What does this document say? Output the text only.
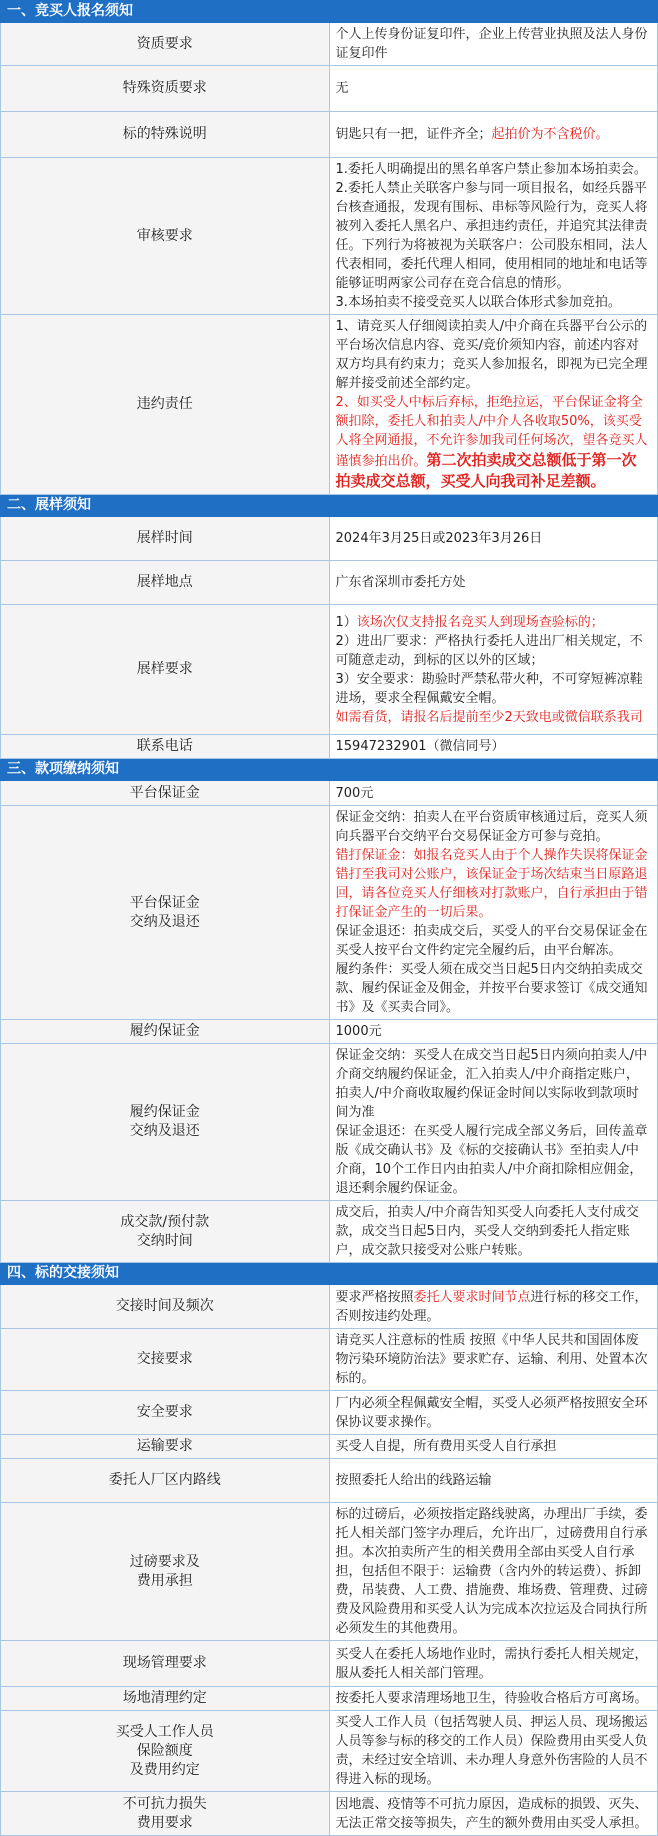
一、竞买人报名须知	
资质要求	个人上传身份证复印件，企业上传营业执照及法人身份证复印件
特殊资质要求	无
标的特殊说明	钥匙只有一把，证件齐全；起拍价为不含税价。
审核要求	1.委托人明确提出的黑名单客户禁止参加本场拍卖会。
2.委托人禁止关联客户参与同一项目报名，如经兵器平台核查通报，发现有围标、串标等风险行为，竞买人将被列入委托人黑名户、承担违约责任，并追究其法律责任。下列行为将被视为关联客户：公司股东相同，法人代表相同，委托代理人相同，使用相同的地址和电话等能够证明两家公司存在竞合信息的情形。
3.本场拍卖不接受竞买人以联合体形式参加竞拍。

违约责任	1、请竞买人仔细阅读拍卖人/中介商在兵器平台公示的平台场次信息内容、竞买/竞价须知内容，前述内容对双方均具有约束力；竞买人参加报名，即视为已完全理解并接受前述全部约定。
2、如买受人中标后弃标，拒绝拉运，平台保证金将全额扣除，委托人和拍卖人/中介人各收取50%，该买受人将全网通报，不允许参加我司任何场次，望各竞买人谨慎参拍出价。第二次拍卖成交总额低于第一次拍卖成交总额，买受人向我司补足差额。
二、展样须知	
展样时间	2024年3月25日或2023年3月26日
展样地点	广东省深圳市委托方处
展样要求	1）该场次仅支持报名竞买人到现场查验标的；
2）进出厂要求：严格执行委托人进出厂相关规定，不可随意走动，到标的区以外的区域；
3）安全要求：勘验时严禁私带火种，不可穿短裤凉鞋进场，要求全程佩戴安全帽。
如需看货，请报名后提前至少2天致电或微信联系我司

联系电话	15947232901（微信同号）
三、款项缴纳须知	
平台保证金	700元

平台保证金
交纳及退还	保证金交纳：拍卖人在平台资质审核通过后，竞买人须向兵器平台交纳平台交易保证金方可参与竞拍。
错打保证金：如报名竞买人由于个人操作失误将保证金错打至我司对公账户，该保证金于场次结束当日原路退回，请各位竞买人仔细核对打款账户，自行承担由于错打保证金产生的一切后果。
保证金退还：拍卖成交后，买受人的平台交易保证金在买受人按平台文件约定完全履约后，由平台解冻。
履约条件：买受人须在成交当日起5日内交纳拍卖成交款、履约保证金及佣金，并按平台要求签订《成交通知书》及《买卖合同》。

履约保证金	1000元

履约保证金
交纳及退还	保证金交纳：买受人在成交当日起5日内须向拍卖人/中介商交纳履约保证金，汇入拍卖人/中介商指定账户，拍卖人/中介商收取履约保证金时间以实际收到款项时间为准
保证金退还：在买受人履行完成全部义务后，回传盖章版《成交确认书》及《标的交接确认书》至拍卖人/中介商，10个工作日内由拍卖人/中介商扣除相应佣金，退还剩余履约保证金。

成交款/预付款
交纳时间	成交后，拍卖人/中介商告知买受人向委托人支付成交款，成交当日起5日内，买受人交纳到委托人指定账户，成交款只接受对公账户转账。
四、标的交接须知	
交接时间及频次	要求严格按照委托人要求时间节点进行标的移交工作，否则按违约处理。
交接要求	请竞买人注意标的性质 按照《中华人民共和国固体废物污染环境防治法》要求贮存、运输、利用、处置本次标的。
安全要求	厂内必须全程佩戴安全帽，买受人必须严格按照安全环保协议要求操作。
运输要求	买受人自提，所有费用买受人自行承担
委托人厂区内路线	按照委托人给出的线路运输

过磅要求及
费用承担	标的过磅后，必须按指定路线驶离，办理出厂手续，委托人相关部门签字办理后，允许出厂，过磅费用自行承担。本次拍卖所产生的相关费用全部由买受人自行承担，包括但不限于：运输费（含内外的转运费）、拆卸费，吊装费、人工费、措施费、堆场费、管理费、过磅费及风险费用和买受人认为完成本次拉运及合同执行所必须发生的其他费用。
现场管理要求	买受人在委托人场地作业时，需执行委托人相关规定，服从委托人相关部门管理。
场地清理约定	按委托人要求清理场地卫生，待验收合格后方可离场。

买受人工作人员
保险额度
及费用约定	买受人工作人员（包括驾驶人员、押运人员、现场搬运人员等参与标的移交的工作人员）保险费用由买受人负责，未经过安全培训、未办理人身意外伤害险的人员不得进入标的现场。

不可抗力损失
费用要求	因地震、疫情等不可抗力原因，造成标的损毁、灭失、无法正常交接等损失，产生的额外费用由买受人承担。
